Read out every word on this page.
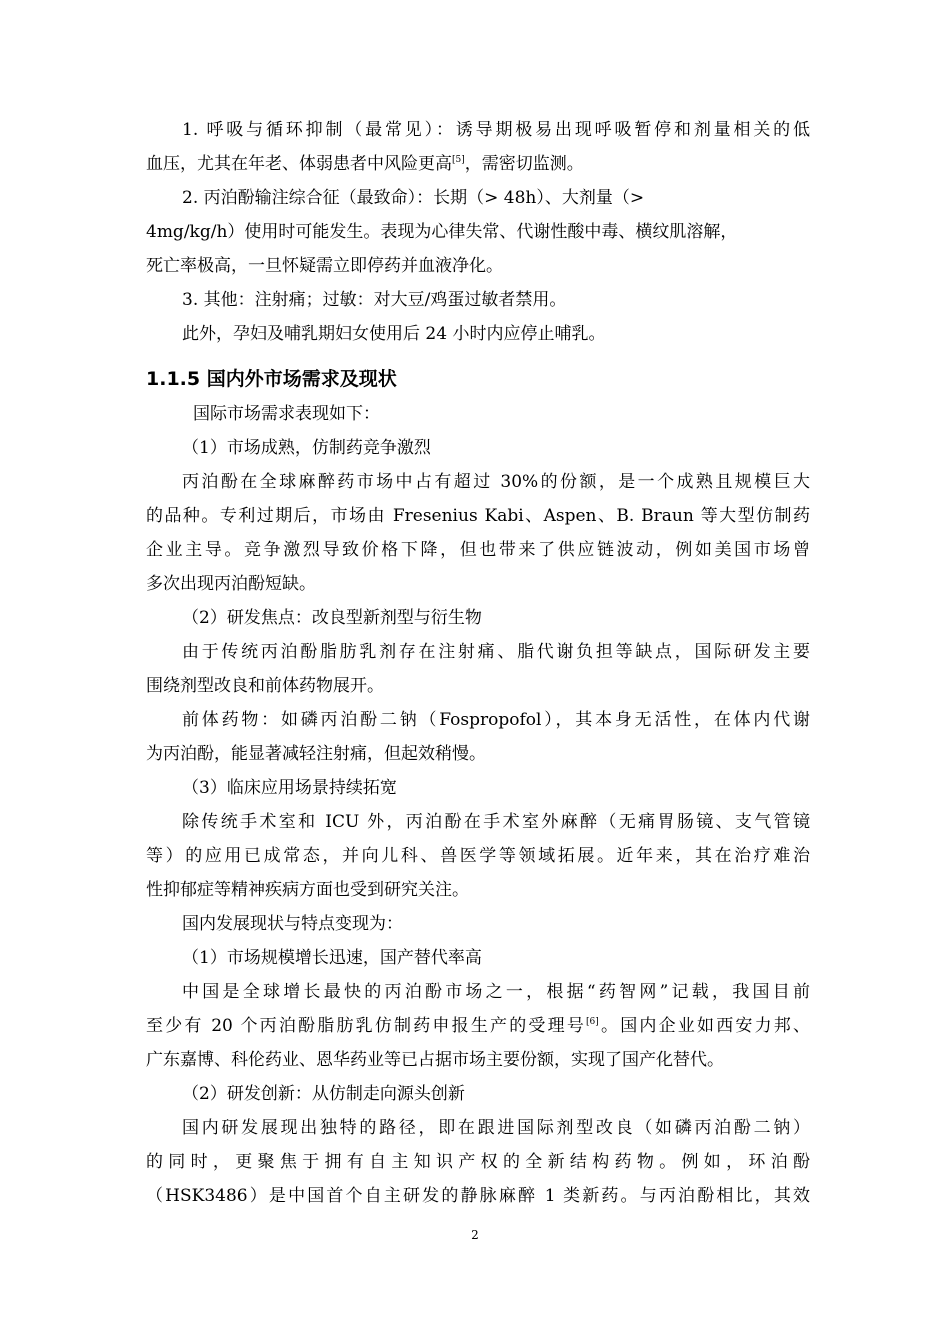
1. 呼吸与循环抑制（最常见）：诱导期极易出现呼吸暂停和剂量相关的低
血压，尤其在年老、体弱患者中风险更高[5]，需密切监测。
2. 丙泊酚输注综合征（最致命）：长期（> 48h）、大剂量（>
4mg/kg/h）使用时可能发生。表现为心律失常、代谢性酸中毒、横纹肌溶解，
死亡率极高，一旦怀疑需立即停药并血液净化。
3. 其他：注射痛；过敏：对大豆/鸡蛋过敏者禁用。
此外，孕妇及哺乳期妇女使用后 24 小时内应停止哺乳。
1.1.5 国内外市场需求及现状
国际市场需求表现如下：
（1）市场成熟，仿制药竞争激烈
丙泊酚在全球麻醉药市场中占有超过 30%的份额，是一个成熟且规模巨大
的品种。专利过期后，市场由 Fresenius Kabi、Aspen、B. Braun 等大型仿制药
企业主导。竞争激烈导致价格下降，但也带来了供应链波动，例如美国市场曾
多次出现丙泊酚短缺。
（2）研发焦点：改良型新剂型与衍生物
由于传统丙泊酚脂肪乳剂存在注射痛、脂代谢负担等缺点，国际研发主要
围绕剂型改良和前体药物展开。
前体药物：如磷丙泊酚二钠（Fospropofol），其本身无活性，在体内代谢
为丙泊酚，能显著减轻注射痛，但起效稍慢。
（3）临床应用场景持续拓宽
除传统手术室和 ICU 外，丙泊酚在手术室外麻醉（无痛胃肠镜、支气管镜
等）的应用已成常态，并向儿科、兽医学等领域拓展。近年来，其在治疗难治
性抑郁症等精神疾病方面也受到研究关注。
国内发展现状与特点变现为：
（1）市场规模增长迅速，国产替代率高
中国是全球增长最快的丙泊酚市场之一，根据“药智网”记载，我国目前
至少有 20 个丙泊酚脂肪乳仿制药申报生产的受理号[6]。国内企业如西安力邦、
广东嘉博、科伦药业、恩华药业等已占据市场主要份额，实现了国产化替代。
（2）研发创新：从仿制走向源头创新
国内研发展现出独特的路径，即在跟进国际剂型改良（如磷丙泊酚二钠）
的同时，更聚焦于拥有自主知识产权的全新结构药物。例如，环泊酚
（HSK3486）是中国首个自主研发的静脉麻醉 1 类新药。与丙泊酚相比，其效
2
